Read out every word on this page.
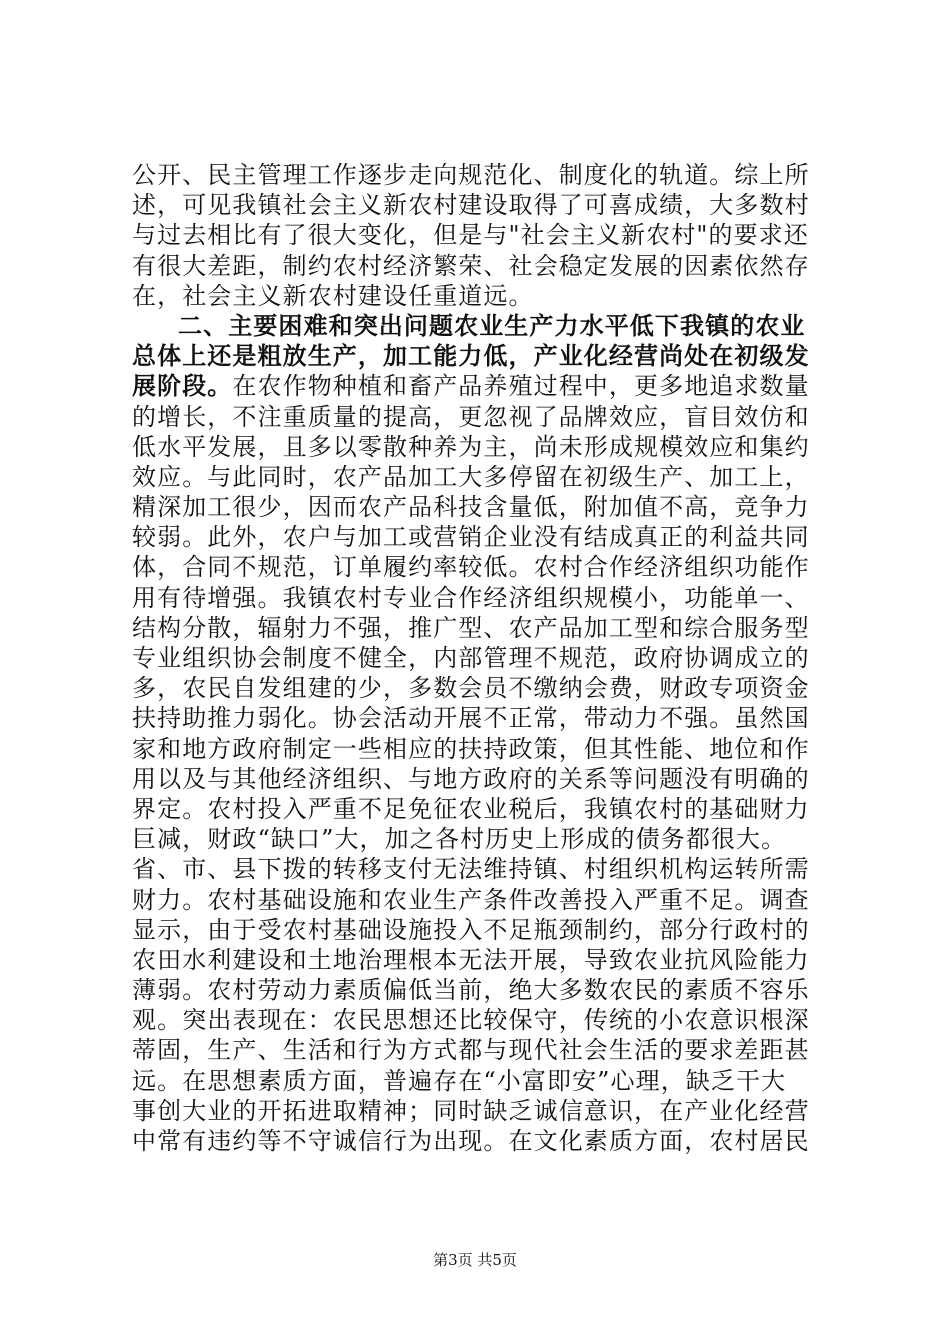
公开、民主管理工作逐步走向规范化、制度化的轨道。综上所
述，可见我镇社会主义新农村建设取得了可喜成绩，大多数村
与过去相比有了很大变化，但是与"社会主义新农村"的要求还
有很大差距，制约农村经济繁荣、社会稳定发展的因素依然存
在，社会主义新农村建设任重道远。
二、主要困难和突出问题农业生产力水平低下我镇的农业
总体上还是粗放生产，加工能力低，产业化经营尚处在初级发
展阶段。在农作物种植和畜产品养殖过程中，更多地追求数量
的增长，不注重质量的提高，更忽视了品牌效应，盲目效仿和
低水平发展，且多以零散种养为主，尚未形成规模效应和集约
效应。与此同时，农产品加工大多停留在初级生产、加工上，
精深加工很少，因而农产品科技含量低，附加值不高，竞争力
较弱。此外，农户与加工或营销企业没有结成真正的利益共同
体，合同不规范，订单履约率较低。农村合作经济组织功能作
用有待增强。我镇农村专业合作经济组织规模小，功能单一、
结构分散，辐射力不强，推广型、农产品加工型和综合服务型
专业组织协会制度不健全，内部管理不规范，政府协调成立的
多，农民自发组建的少，多数会员不缴纳会费，财政专项资金
扶持助推力弱化。协会活动开展不正常，带动力不强。虽然国
家和地方政府制定一些相应的扶持政策，但其性能、地位和作
用以及与其他经济组织、与地方政府的关系等问题没有明确的
界定。农村投入严重不足免征农业税后，我镇农村的基础财力
巨减，财政“缺口”大，加之各村历史上形成的债务都很大。
省、市、县下拨的转移支付无法维持镇、村组织机构运转所需
财力。农村基础设施和农业生产条件改善投入严重不足。调查
显示，由于受农村基础设施投入不足瓶颈制约，部分行政村的
农田水利建设和土地治理根本无法开展，导致农业抗风险能力
薄弱。农村劳动力素质偏低当前，绝大多数农民的素质不容乐
观。突出表现在：农民思想还比较保守，传统的小农意识根深
蒂固，生产、生活和行为方式都与现代社会生活的要求差距甚
远。在思想素质方面，普遍存在“小富即安”心理，缺乏干大
事创大业的开拓进取精神；同时缺乏诚信意识，在产业化经营
中常有违约等不守诚信行为出现。在文化素质方面，农村居民
第3页 共5页
